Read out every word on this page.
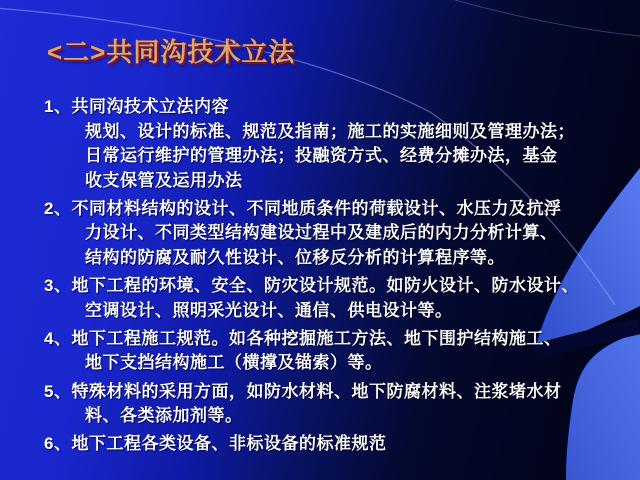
<二>共同沟技术立法
1、共同沟技术立法内容
规划、设计的标准、规范及指南；施工的实施细则及管理办法；
日常运行维护的管理办法；投融资方式、经费分摊办法，基金
收支保管及运用办法
2、不同材料结构的设计、不同地质条件的荷载设计、水压力及抗浮
力设计、不同类型结构建设过程中及建成后的内力分析计算、
结构的防腐及耐久性设计、位移反分析的计算程序等。
3、地下工程的环境、安全、防灾设计规范。如防火设计、防水设计、
空调设计、照明采光设计、通信、供电设计等。
4、地下工程施工规范。如各种挖掘施工方法、地下围护结构施工、
地下支挡结构施工（横撑及锚索）等。
5、特殊材料的采用方面，如防水材料、地下防腐材料、注浆堵水材
料、各类添加剂等。
6、地下工程各类设备、非标设备的标准规范
